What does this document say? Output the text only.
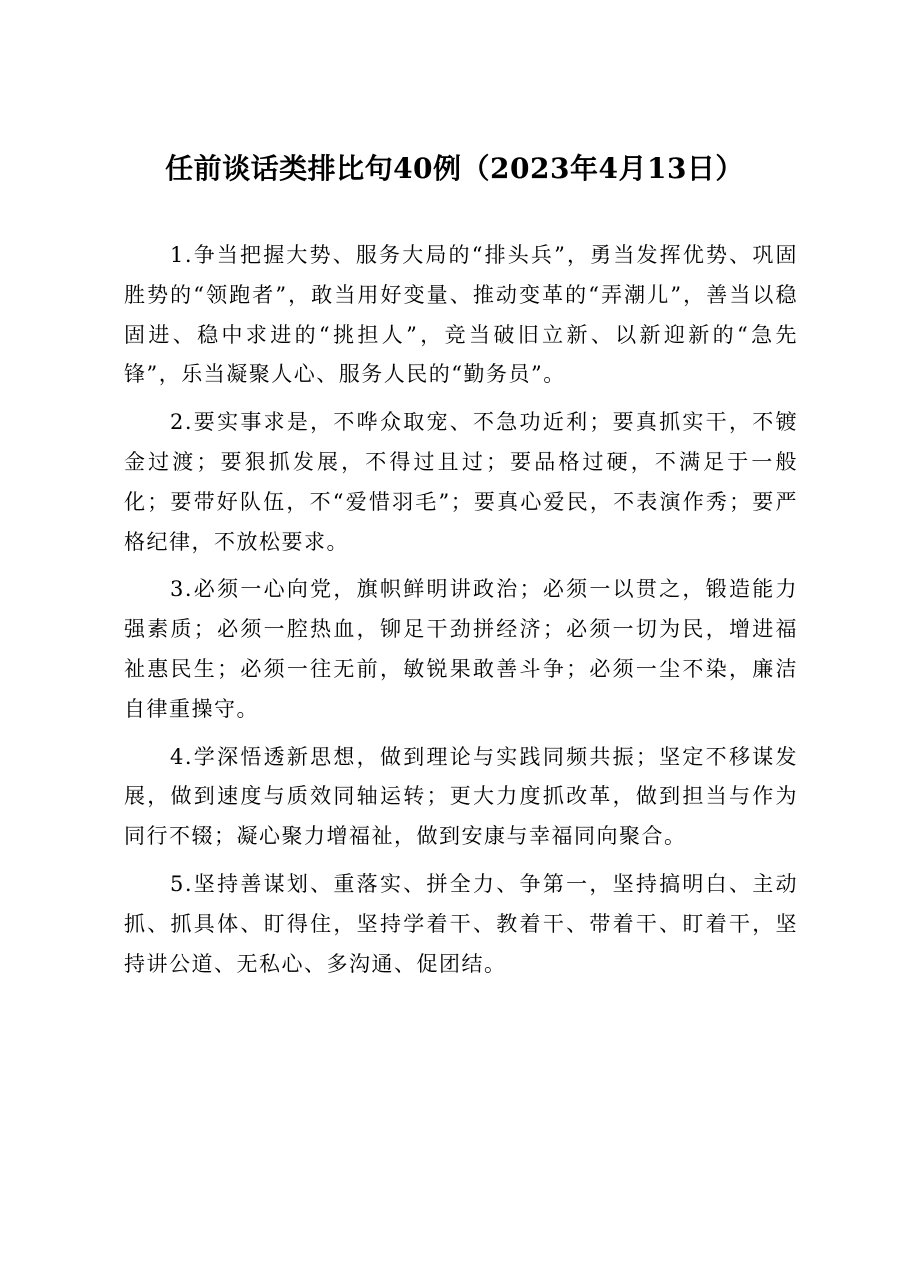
任前谈话类排比句40例（2023年4月13日）

1.争当把握大势、服务大局的“排头兵”，勇当发挥优势、巩固胜势的“领跑者”，敢当用好变量、推动变革的“弄潮儿”，善当以稳固进、稳中求进的“挑担人”，竞当破旧立新、以新迎新的“急先锋”，乐当凝聚人心、服务人民的“勤务员”。

2.要实事求是，不哗众取宠、不急功近利；要真抓实干，不镀金过渡；要狠抓发展，不得过且过；要品格过硬，不满足于一般化；要带好队伍，不“爱惜羽毛”；要真心爱民，不表演作秀；要严格纪律，不放松要求。

3.必须一心向党，旗帜鲜明讲政治；必须一以贯之，锻造能力强素质；必须一腔热血，铆足干劲拼经济；必须一切为民，增进福祉惠民生；必须一往无前，敏锐果敢善斗争；必须一尘不染，廉洁自律重操守。

4.学深悟透新思想，做到理论与实践同频共振；坚定不移谋发展，做到速度与质效同轴运转；更大力度抓改革，做到担当与作为同行不辍；凝心聚力增福祉，做到安康与幸福同向聚合。

5.坚持善谋划、重落实、拼全力、争第一，坚持搞明白、主动抓、抓具体、盯得住，坚持学着干、教着干、带着干、盯着干，坚持讲公道、无私心、多沟通、促团结。
